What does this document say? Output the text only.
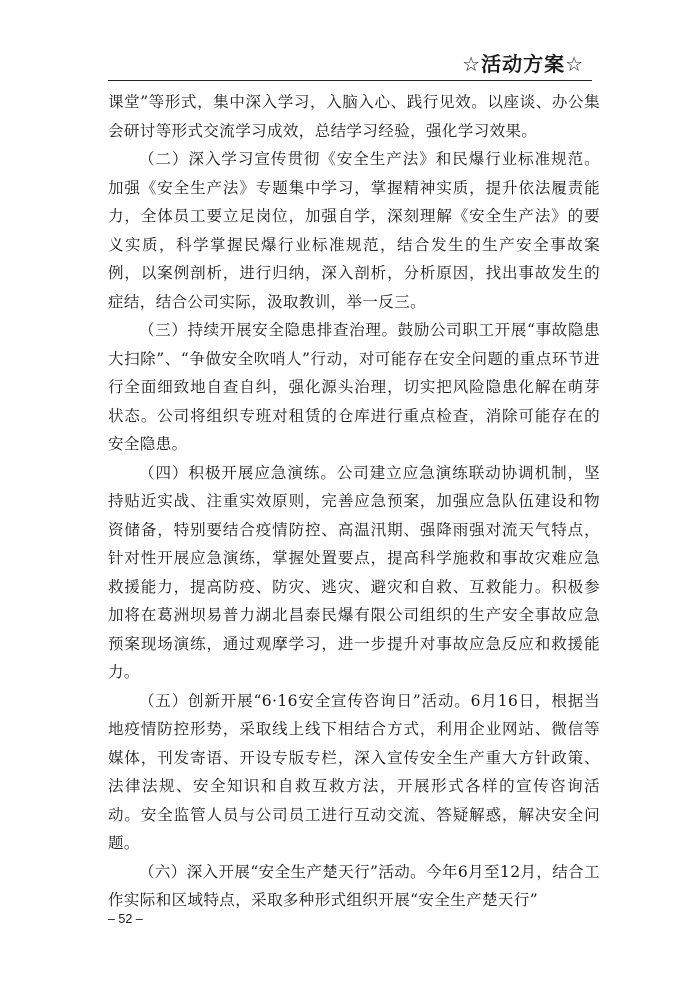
☆活动方案☆

课堂”等形式，集中深入学习，入脑入心、践行见效。以座谈、办公集会研讨等形式交流学习成效，总结学习经验，强化学习效果。

（二）深入学习宣传贯彻《安全生产法》和民爆行业标准规范。加强《安全生产法》专题集中学习，掌握精神实质，提升依法履责能力，全体员工要立足岗位，加强自学，深刻理解《安全生产法》的要义实质，科学掌握民爆行业标准规范，结合发生的生产安全事故案例，以案例剖析，进行归纳，深入剖析，分析原因，找出事故发生的症结，结合公司实际，汲取教训，举一反三。

（三）持续开展安全隐患排查治理。鼓励公司职工开展“事故隐患大扫除”、“争做安全吹哨人”行动，对可能存在安全问题的重点环节进行全面细致地自查自纠，强化源头治理，切实把风险隐患化解在萌芽状态。公司将组织专班对租赁的仓库进行重点检查，消除可能存在的安全隐患。

（四）积极开展应急演练。公司建立应急演练联动协调机制，坚持贴近实战、注重实效原则，完善应急预案，加强应急队伍建设和物资储备，特别要结合疫情防控、高温汛期、强降雨强对流天气特点，针对性开展应急演练，掌握处置要点，提高科学施救和事故灾难应急救援能力，提高防疫、防灾、逃灾、避灾和自救、互救能力。积极参加将在葛洲坝易普力湖北昌泰民爆有限公司组织的生产安全事故应急预案现场演练，通过观摩学习，进一步提升对事故应急反应和救援能力。

（五）创新开展“6·16安全宣传咨询日”活动。6月16日，根据当地疫情防控形势，采取线上线下相结合方式，利用企业网站、微信等媒体，刊发寄语、开设专版专栏，深入宣传安全生产重大方针政策、法律法规、安全知识和自救互救方法，开展形式各样的宣传咨询活动。安全监管人员与公司员工进行互动交流、答疑解惑，解决安全问题。

（六）深入开展“安全生产楚天行”活动。今年6月至12月，结合工作实际和区域特点，采取多种形式组织开展“安全生产楚天行”

– 52 –
